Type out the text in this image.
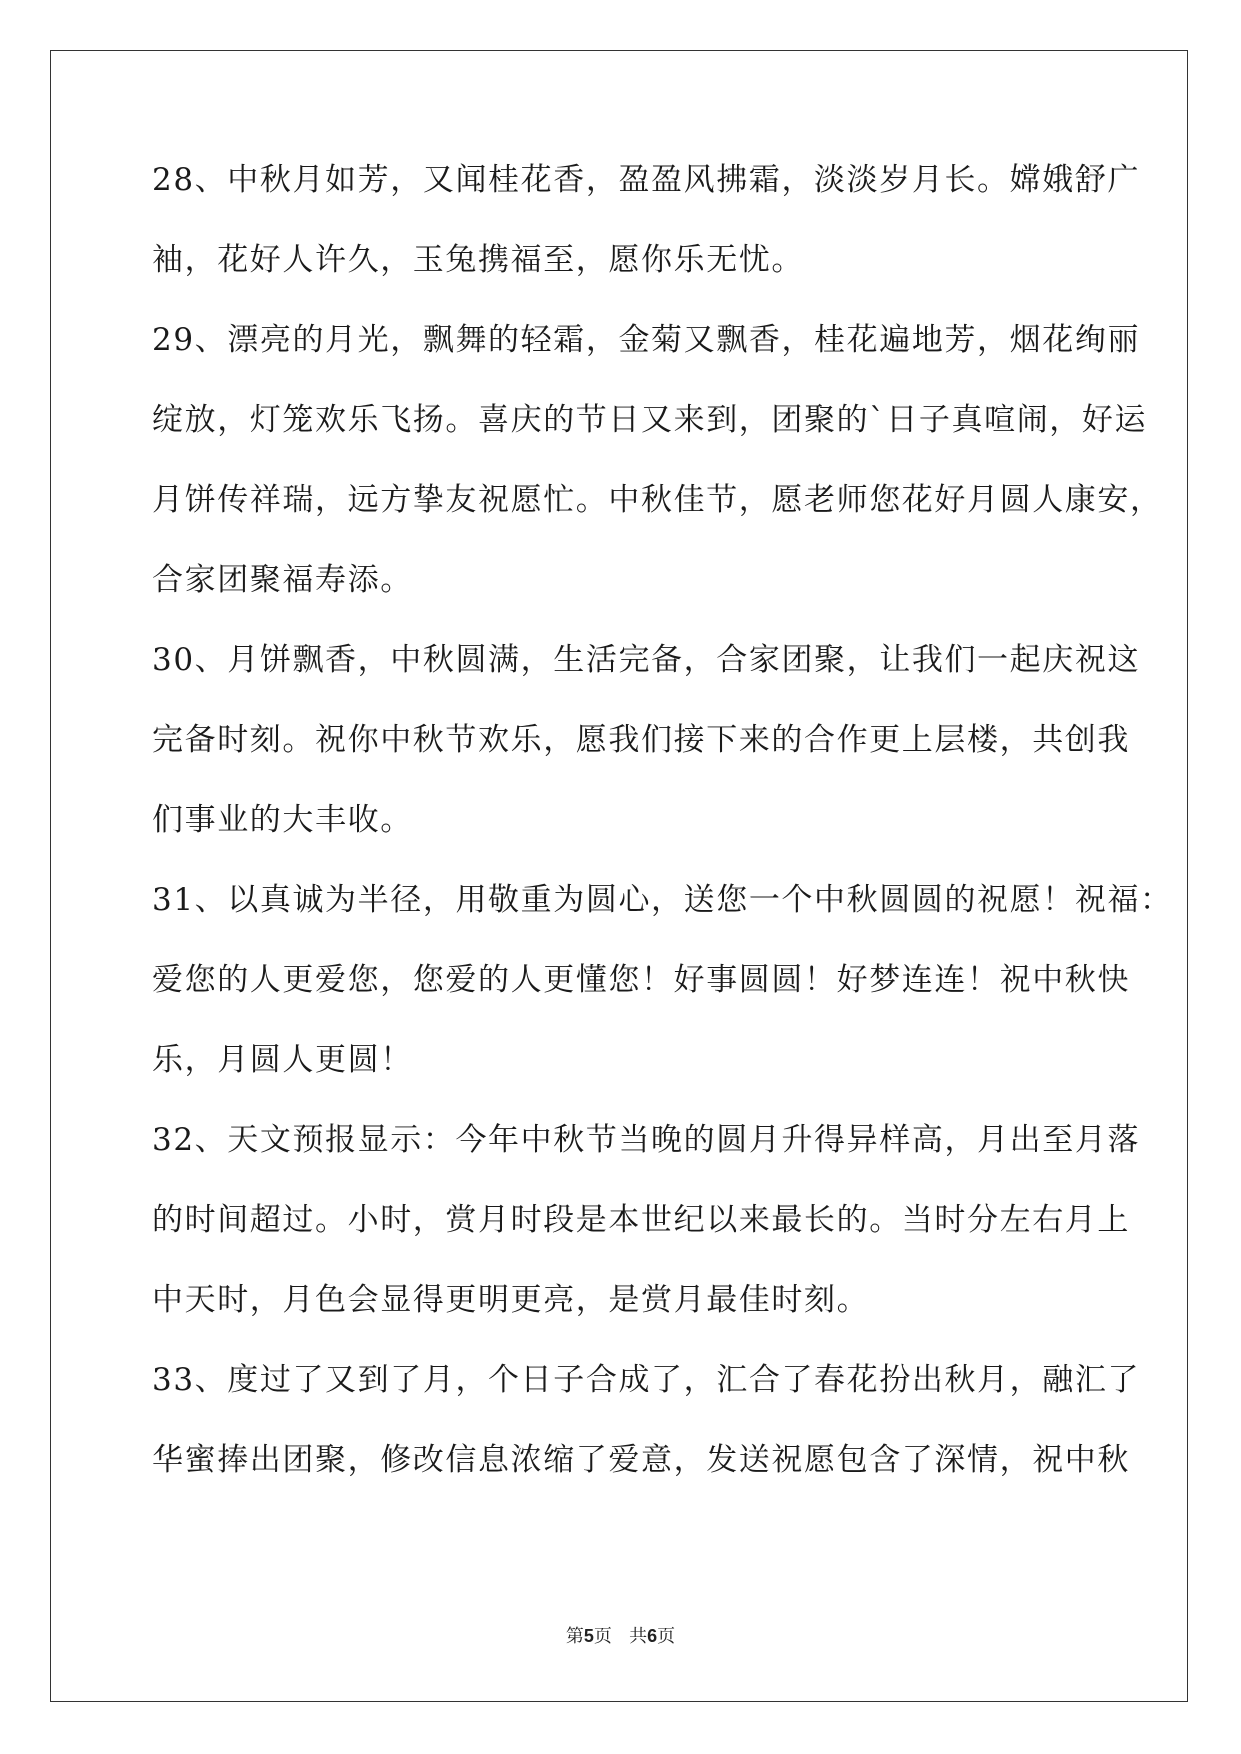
28、中秋月如芳，又闻桂花香，盈盈风拂霜，淡淡岁月长。嫦娥舒广
袖，花好人许久，玉兔携福至，愿你乐无忧。
29、漂亮的月光，飘舞的轻霜，金菊又飘香，桂花遍地芳，烟花绚丽
绽放，灯笼欢乐飞扬。喜庆的节日又来到，团聚的`日子真喧闹，好运
月饼传祥瑞，远方挚友祝愿忙。中秋佳节，愿老师您花好月圆人康安，
合家团聚福寿添。
30、月饼飘香，中秋圆满，生活完备，合家团聚，让我们一起庆祝这
完备时刻。祝你中秋节欢乐，愿我们接下来的合作更上层楼，共创我
们事业的大丰收。
31、以真诚为半径，用敬重为圆心，送您一个中秋圆圆的祝愿！祝福：
爱您的人更爱您，您爱的人更懂您！好事圆圆！好梦连连！祝中秋快
乐，月圆人更圆！
32、天文预报显示：今年中秋节当晚的圆月升得异样高，月出至月落
的时间超过。小时，赏月时段是本世纪以来最长的。当时分左右月上
中天时，月色会显得更明更亮，是赏月最佳时刻。
33、度过了又到了月，个日子合成了，汇合了春花扮出秋月，融汇了
华蜜捧出团聚，修改信息浓缩了爱意，发送祝愿包含了深情，祝中秋
第5页 共6页
